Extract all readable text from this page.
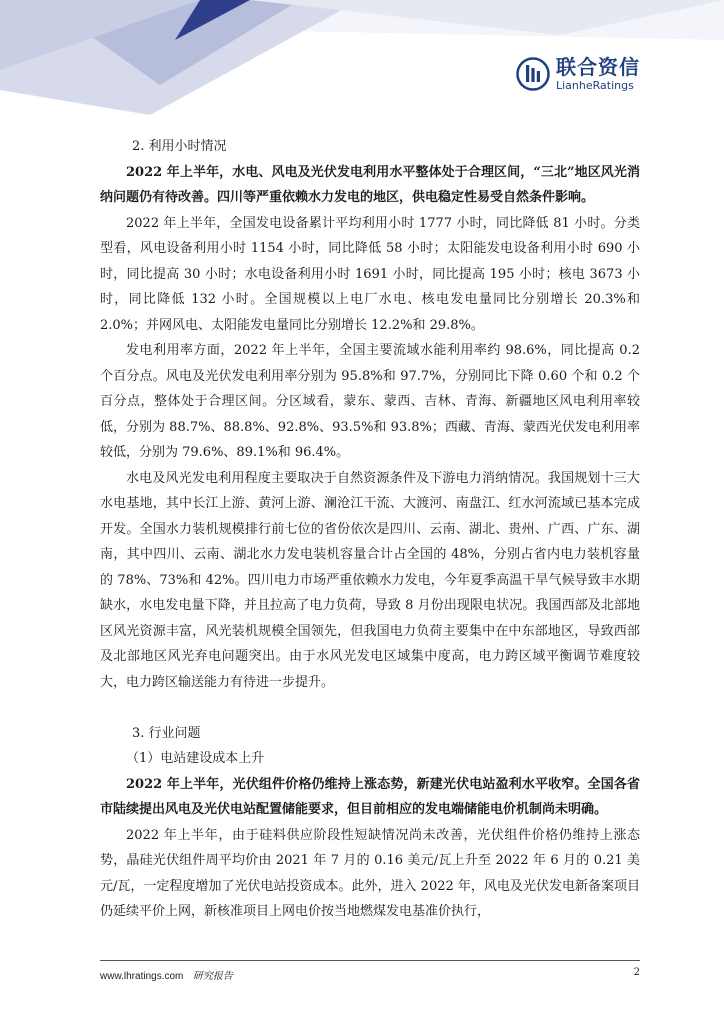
联合资信
LianheRatings

2. 利用小时情况

2022 年上半年，水电、风电及光伏发电利用水平整体处于合理区间，“三北”地区风光消纳问题仍有待改善。四川等严重依赖水力发电的地区，供电稳定性易受自然条件影响。

2022 年上半年，全国发电设备累计平均利用小时 1777 小时，同比降低 81 小时。分类型看，风电设备利用小时 1154 小时，同比降低 58 小时；太阳能发电设备利用小时 690 小时，同比提高 30 小时；水电设备利用小时 1691 小时，同比提高 195 小时；核电 3673 小时，同比降低 132 小时。全国规模以上电厂水电、核电发电量同比分别增长 20.3%和 2.0%；并网风电、太阳能发电量同比分别增长 12.2%和 29.8%。

发电利用率方面，2022 年上半年，全国主要流域水能利用率约 98.6%，同比提高 0.2 个百分点。风电及光伏发电利用率分别为 95.8%和 97.7%，分别同比下降 0.60 个和 0.2 个百分点，整体处于合理区间。分区域看，蒙东、蒙西、吉林、青海、新疆地区风电利用率较低，分别为 88.7%、88.8%、92.8%、93.5%和 93.8%；西藏、青海、蒙西光伏发电利用率较低，分别为 79.6%、89.1%和 96.4%。

水电及风光发电利用程度主要取决于自然资源条件及下游电力消纳情况。我国规划十三大水电基地，其中长江上游、黄河上游、澜沧江干流、大渡河、南盘江、红水河流域已基本完成开发。全国水力装机规模排行前七位的省份依次是四川、云南、湖北、贵州、广西、广东、湖南，其中四川、云南、湖北水力发电装机容量合计占全国的 48%，分别占省内电力装机容量的 78%、73%和 42%。四川电力市场严重依赖水力发电，今年夏季高温干旱气候导致丰水期缺水，水电发电量下降，并且拉高了电力负荷，导致 8 月份出现限电状况。我国西部及北部地区风光资源丰富，风光装机规模全国领先，但我国电力负荷主要集中在中东部地区，导致西部及北部地区风光弃电问题突出。由于水风光发电区域集中度高，电力跨区域平衡调节难度较大，电力跨区输送能力有待进一步提升。

3. 行业问题

（1）电站建设成本上升

2022 年上半年，光伏组件价格仍维持上涨态势，新建光伏电站盈利水平收窄。全国各省市陆续提出风电及光伏电站配置储能要求，但目前相应的发电端储能电价机制尚未明确。

2022 年上半年，由于硅料供应阶段性短缺情况尚未改善，光伏组件价格仍维持上涨态势，晶硅光伏组件周平均价由 2021 年 7 月的 0.16 美元/瓦上升至 2022 年 6 月的 0.21 美元/瓦，一定程度增加了光伏电站投资成本。此外，进入 2022 年，风电及光伏发电新备案项目仍延续平价上网，新核准项目上网电价按当地燃煤发电基准价执行，

www.lhratings.com 研究报告	2
